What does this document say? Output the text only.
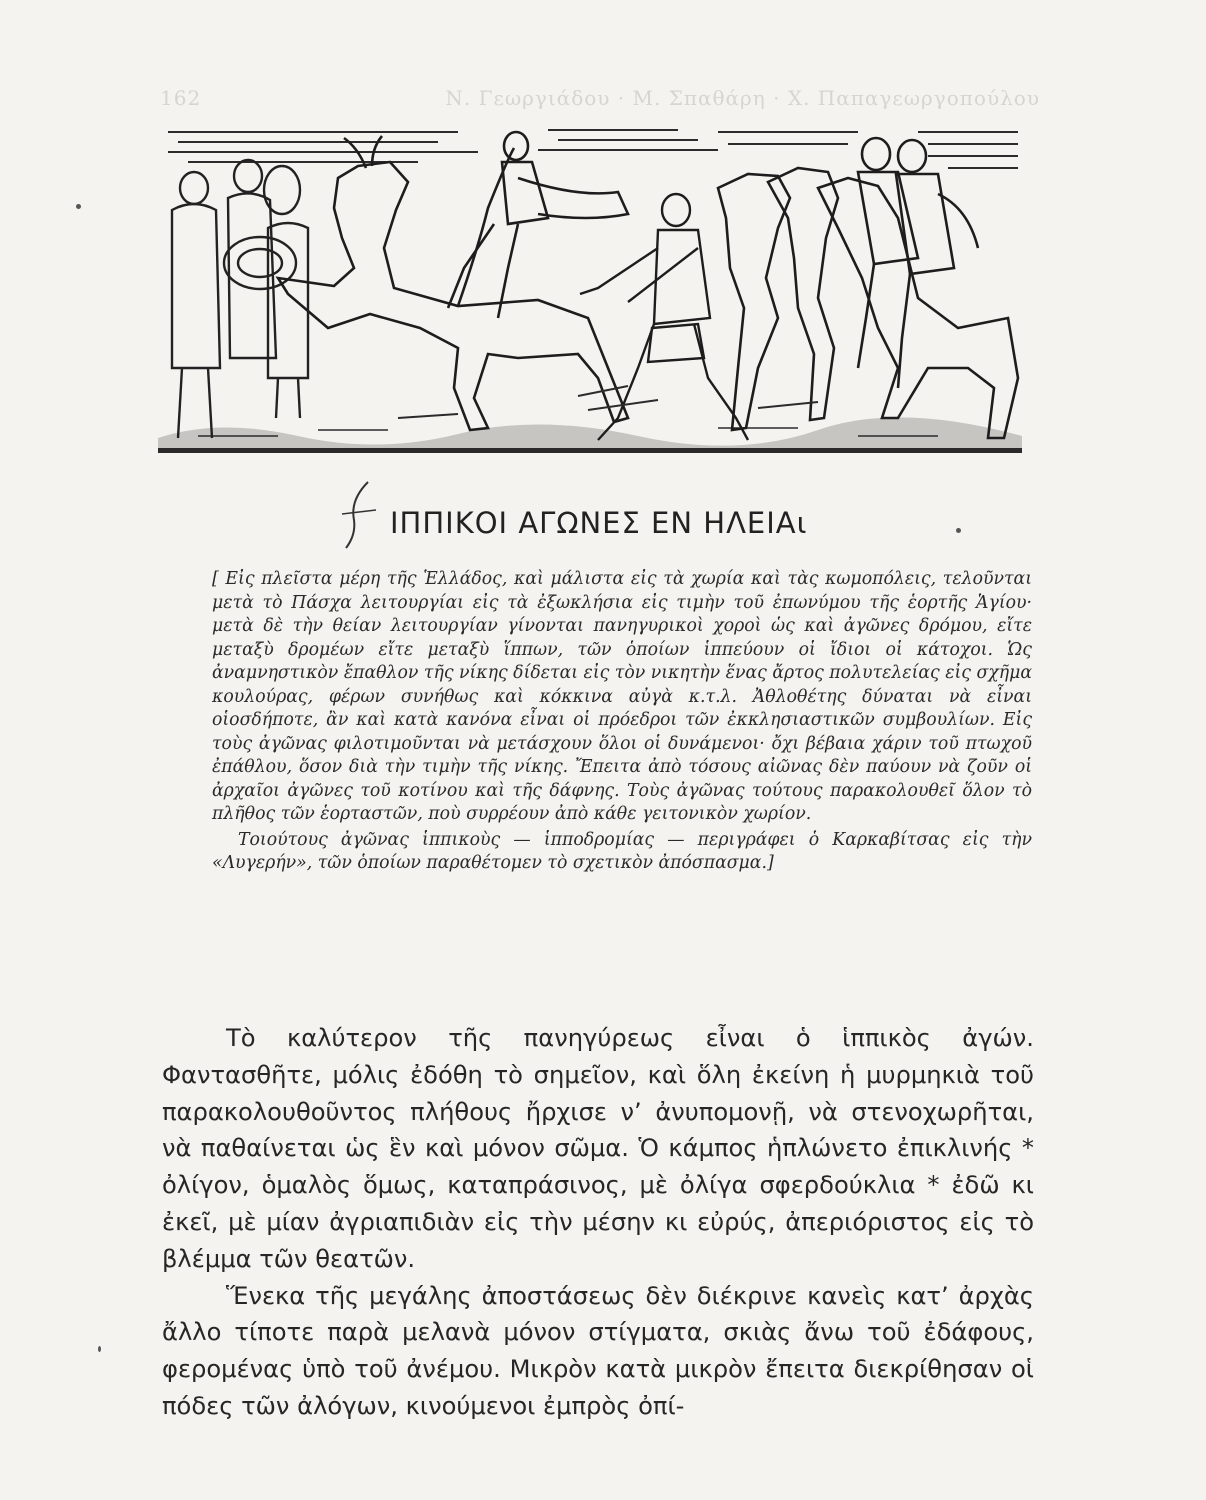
162	Ν. Γεωργιάδου · Μ. Σπαθάρη · Χ. Παπαγεωργοπούλου
ΙΠΠΙΚΟΙ ΑΓΩΝΕΣ ΕΝ ΗΛΕΙΑι

[ Εἰς πλεῖστα μέρη τῆς Ἑλλάδος, καὶ μάλιστα εἰς τὰ χωρία καὶ τὰς κωμοπόλεις, τελοῦνται μετὰ τὸ Πάσχα λειτουργίαι εἰς τὰ ἐξωκλήσια εἰς τιμὴν τοῦ ἐπωνύμου τῆς ἑορτῆς Ἁγίου· μετὰ δὲ τὴν θείαν λειτουργίαν γίνονται πανηγυρικοὶ χοροὶ ὡς καὶ ἀγῶνες δρόμου, εἴτε μεταξὺ δρομέων εἴτε μεταξὺ ἵππων, τῶν ὁποίων ἱππεύουν οἱ ἴδιοι οἱ κάτοχοι. Ὡς ἀναμνηστικὸν ἔπαθλον τῆς νίκης δίδεται εἰς τὸν νικητὴν ἕνας ἄρτος πολυτελείας εἰς σχῆμα κουλούρας, φέρων συνήθως καὶ κόκκινα αὐγὰ κ.τ.λ. Ἀθλοθέτης δύναται νὰ εἶναι οἱοσδήποτε, ἂν καὶ κατὰ κανόνα εἶναι οἱ πρόεδροι τῶν ἐκκλησιαστικῶν συμβουλίων. Εἰς τοὺς ἀγῶνας φιλοτιμοῦνται νὰ μετάσχουν ὅλοι οἱ δυνάμενοι· ὄχι βέβαια χάριν τοῦ πτωχοῦ ἐπάθλου, ὅσον διὰ τὴν τιμὴν τῆς νίκης. Ἔπειτα ἀπὸ τόσους αἰῶνας δὲν παύουν νὰ ζοῦν οἱ ἀρχαῖοι ἀγῶνες τοῦ κοτίνου καὶ τῆς δάφνης. Τοὺς ἀγῶνας τούτους παρακολουθεῖ ὅλον τὸ πλῆθος τῶν ἑορταστῶν, ποὺ συρρέουν ἀπὸ κάθε γειτονικὸν χωρίον.

Τοιούτους ἀγῶνας ἱππικοὺς — ἱπποδρομίας — περιγράφει ὁ Καρκαβίτσας εἰς τὴν «Λυγερήν», τῶν ὁποίων παραθέτομεν τὸ σχετικὸν ἀπόσπασμα.]

Τὸ καλύτερον τῆς πανηγύρεως εἶναι ὁ ἱππικὸς ἀγών. Φαντασθῆτε, μόλις ἐδόθη τὸ σημεῖον, καὶ ὅλη ἐκείνη ἡ μυρμηκιὰ τοῦ παρακολουθοῦντος πλήθους ἤρχισε ν’ ἀνυπομονῇ, νὰ στενοχωρῆται, νὰ παθαίνεται ὡς ἓν καὶ μόνον σῶμα. Ὁ κάμπος ἡπλώνετο ἐπικλινής * ὀλίγον, ὁμαλὸς ὅμως, καταπράσινος, μὲ ὀλίγα σφερδούκλια * ἐδῶ κι ἐκεῖ, μὲ μίαν ἀγριαπιδιὰν εἰς τὴν μέσην κι εὐρύς, ἀπεριόριστος εἰς τὸ βλέμμα τῶν θεατῶν.

Ἕνεκα τῆς μεγάλης ἀποστάσεως δὲν διέκρινε κανεὶς κατ’ ἀρχὰς ἄλλο τίποτε παρὰ μελανὰ μόνον στίγματα, σκιὰς ἄνω τοῦ ἐδάφους, φερομένας ὑπὸ τοῦ ἀνέμου. Μικρὸν κατὰ μικρὸν ἔπειτα διεκρίθησαν οἱ πόδες τῶν ἀλόγων, κινούμενοι ἐμπρὸς ὀπί-
